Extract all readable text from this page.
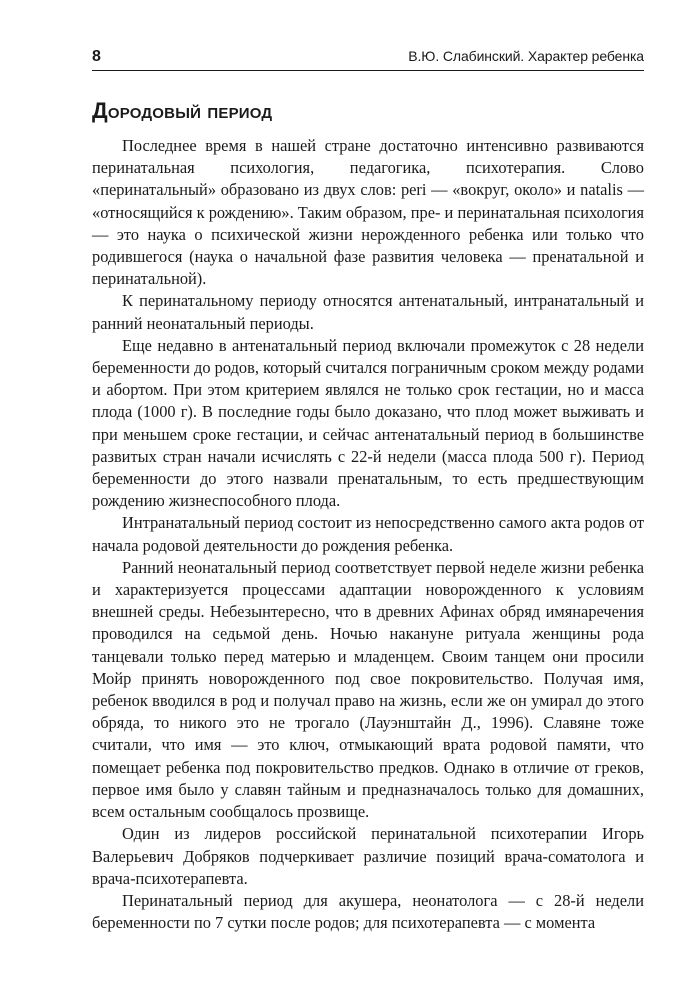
8	В.Ю. Слабинский. Характер ребенка
Дородовый период

Последнее время в нашей стране достаточно интенсивно развиваются перинатальная психология, педагогика, психотерапия. Слово «перинатальный» образовано из двух слов: peri — «вокруг, около» и natalis — «относящийся к рождению». Таким образом, пре- и перинатальная психология — это наука о психической жизни нерожденного ребенка или только что родившегося (наука о начальной фазе развития человека — пренатальной и перинатальной).

К перинатальному периоду относятся антенатальный, интранатальный и ранний неонатальный периоды.

Еще недавно в антенатальный период включали промежуток с 28 недели беременности до родов, который считался пограничным сроком между родами и абортом. При этом критерием являлся не только срок гестации, но и масса плода (1000 г). В последние годы было доказано, что плод может выживать и при меньшем сроке гестации, и сейчас антенатальный период в большинстве развитых стран начали исчислять с 22-й недели (масса плода 500 г). Период беременности до этого назвали пренатальным, то есть предшествующим рождению жизнеспособного плода.

Интранатальный период состоит из непосредственно самого акта родов от начала родовой деятельности до рождения ребенка.

Ранний неонатальный период соответствует первой неделе жизни ребенка и характеризуется процессами адаптации новорожденного к условиям внешней среды. Небезынтересно, что в древних Афинах обряд имянаречения проводился на седьмой день. Ночью накануне ритуала женщины рода танцевали только перед матерью и младенцем. Своим танцем они просили Мойр принять новорожденного под свое покровительство. Получая имя, ребенок вводился в род и получал право на жизнь, если же он умирал до этого обряда, то никого это не трогало (Лауэнштайн Д., 1996). Славяне тоже считали, что имя — это ключ, отмыкающий врата родовой памяти, что помещает ребенка под покровительство предков. Однако в отличие от греков, первое имя было у славян тайным и предназначалось только для домашних, всем остальным сообщалось прозвище.

Один из лидеров российской перинатальной психотерапии Игорь Валерьевич Добряков подчеркивает различие позиций врача-соматолога и врача-психотерапевта.

Перинатальный период для акушера, неонатолога — с 28-й недели беременности по 7 сутки после родов; для психотерапевта — с момента
